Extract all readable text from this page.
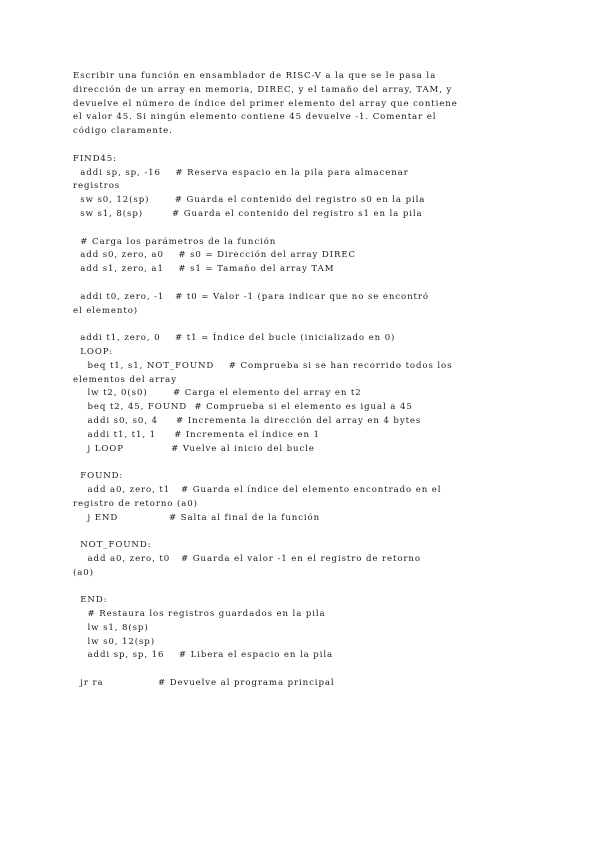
Escribir una función en ensamblador de RISC-V a la que se le pasa la
dirección de un array en memoria, DIREC, y el tamaño del array, TAM, y
devuelve el número de índice del primer elemento del array que contiene
el valor 45. Si ningún elemento contiene 45 devuelve -1. Comentar el
código claramente.
FIND45:
addi sp, sp, -16    # Reserva espacio en la pila para almacenar
registros
sw s0, 12(sp)       # Guarda el contenido del registro s0 en la pila
sw s1, 8(sp)        # Guarda el contenido del registro s1 en la pila
# Carga los parámetros de la función
add s0, zero, a0    # s0 = Dirección del array DIREC
add s1, zero, a1    # s1 = Tamaño del array TAM
addi t0, zero, -1   # t0 = Valor -1 (para indicar que no se encontró
el elemento)
addi t1, zero, 0    # t1 = Índice del bucle (inicializado en 0)
LOOP:
beq t1, s1, NOT_FOUND    # Comprueba si se han recorrido todos los
elementos del array
lw t2, 0(s0)       # Carga el elemento del array en t2
beq t2, 45, FOUND  # Comprueba si el elemento es igual a 45
addi s0, s0, 4     # Incrementa la dirección del array en 4 bytes
addi t1, t1, 1     # Incrementa el índice en 1
j LOOP             # Vuelve al inicio del bucle
FOUND:
add a0, zero, t1   # Guarda el índice del elemento encontrado en el
registro de retorno (a0)
j END              # Salta al final de la función
NOT_FOUND:
add a0, zero, t0   # Guarda el valor -1 en el registro de retorno
(a0)
END:
# Restaura los registros guardados en la pila
lw s1, 8(sp)
lw s0, 12(sp)
addi sp, sp, 16    # Libera el espacio en la pila
jr ra               # Devuelve al programa principal
